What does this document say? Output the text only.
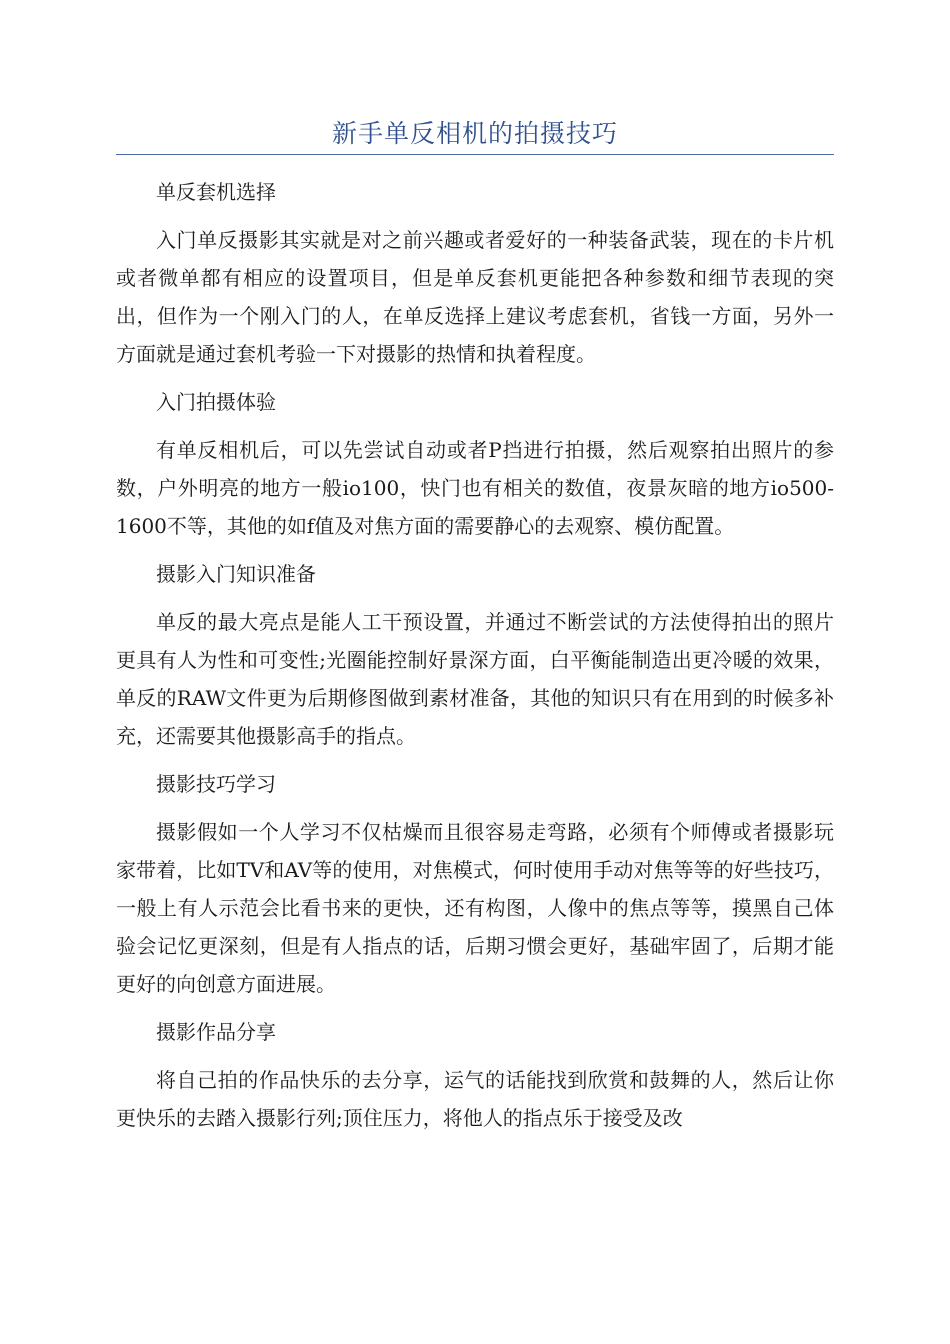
新手单反相机的拍摄技巧

单反套机选择

入门单反摄影其实就是对之前兴趣或者爱好的一种装备武装，现在的卡片机或者微单都有相应的设置项目，但是单反套机更能把各种参数和细节表现的突出，但作为一个刚入门的人，在单反选择上建议考虑套机，省钱一方面，另外一方面就是通过套机考验一下对摄影的热情和执着程度。

入门拍摄体验

有单反相机后，可以先尝试自动或者P挡进行拍摄，然后观察拍出照片的参数，户外明亮的地方一般io100，快门也有相关的数值，夜景灰暗的地方io500-1600不等，其他的如f值及对焦方面的需要静心的去观察、模仿配置。

摄影入门知识准备

单反的最大亮点是能人工干预设置，并通过不断尝试的方法使得拍出的照片更具有人为性和可变性;光圈能控制好景深方面，白平衡能制造出更冷暖的效果，单反的RAW文件更为后期修图做到素材准备，其他的知识只有在用到的时候多补充，还需要其他摄影高手的指点。

摄影技巧学习

摄影假如一个人学习不仅枯燥而且很容易走弯路，必须有个师傅或者摄影玩家带着，比如TV和AV等的使用，对焦模式，何时使用手动对焦等等的好些技巧，一般上有人示范会比看书来的更快，还有构图，人像中的焦点等等，摸黑自己体验会记忆更深刻，但是有人指点的话，后期习惯会更好，基础牢固了，后期才能更好的向创意方面进展。

摄影作品分享

将自己拍的作品快乐的去分享，运气的话能找到欣赏和鼓舞的人，然后让你更快乐的去踏入摄影行列;顶住压力，将他人的指点乐于接受及改
